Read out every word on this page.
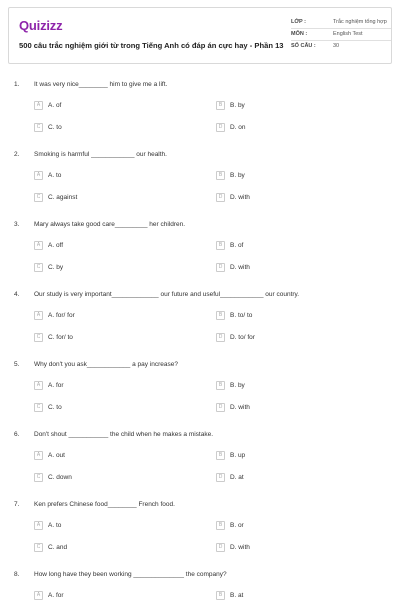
Quizizz
500 câu trắc nghiệm giới từ trong Tiếng Anh có đáp án cực hay - Phần 13
LỚP :	Trắc nghiệm tổng hợp
MÔN :	English Test
SỐ CÂU :	30
1. It was very nice________ him to give me a lift.
A A. of	B B. by
C C. to	D D. on
2. Smoking is harmful ____________ our health.
A A. to	B B. by
C C. against	D D. with
3. Mary always take good care_________ her children.
A A. off	B B. of
C C. by	D D. with
4. Our study is very important_____________ our future and useful____________ our country.
A A. for/ for	B B. to/ to
C C. for/ to	D D. to/ for
5. Why don't you ask____________ a pay increase?
A A. for	B B. by
C C. to	D D. with
6. Don't shout ___________ the child when he makes a mistake.
A A. out	B B. up
C C. down	D D. at
7. Ken prefers Chinese food________ French food.
A A. to	B B. or
C C. and	D D. with
8. How long have they been working ______________ the company?
A A. for	B B. at
